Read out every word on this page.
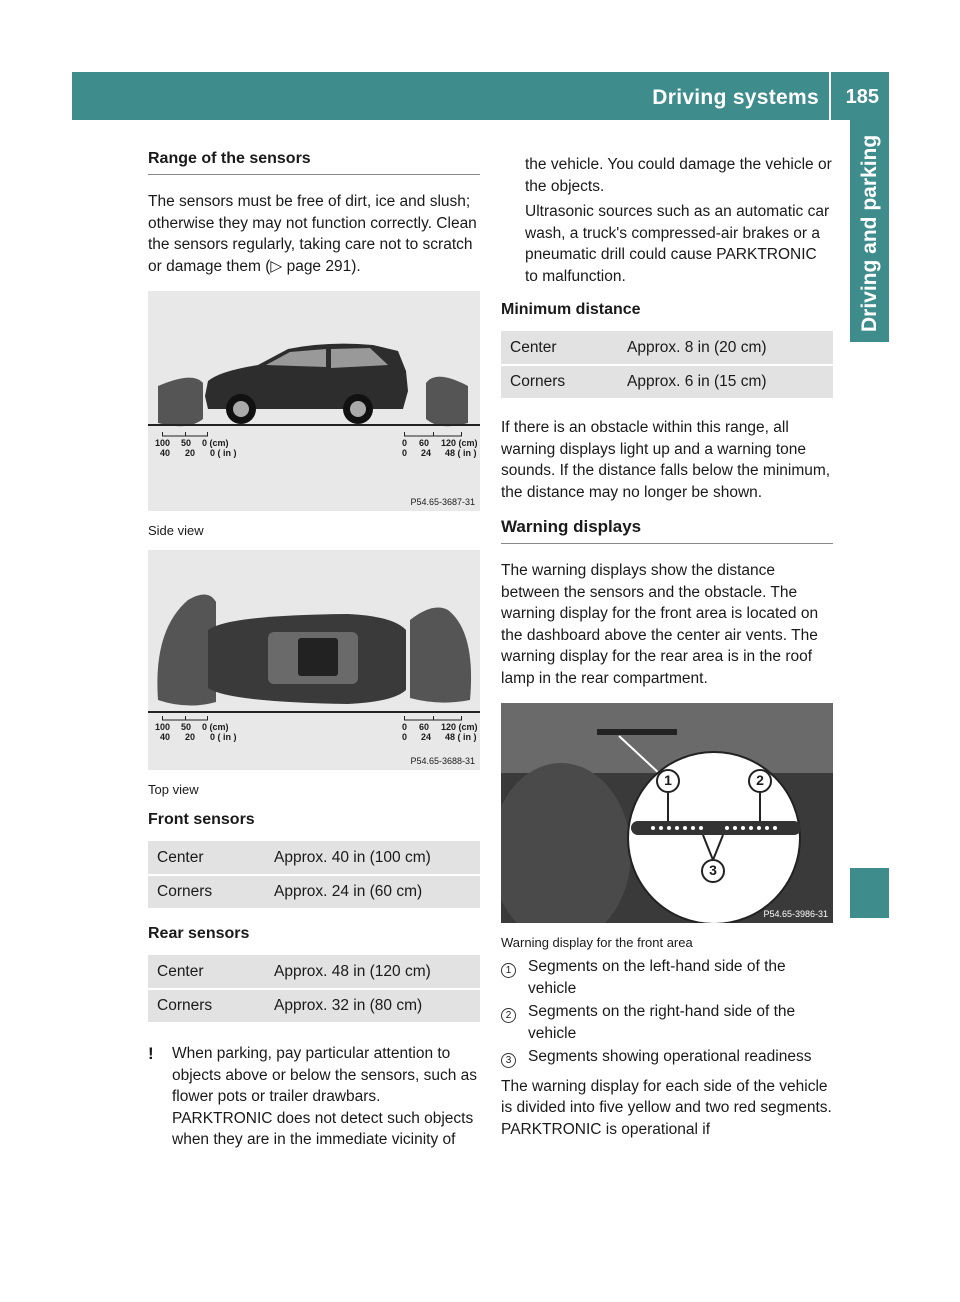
Driving systems 185
Driving and parking
Range of the sensors

The sensors must be free of dirt, ice and slush; otherwise they may not function correctly. Clean the sensors regularly, taking care not to scratch or damage them (▷ page 291).

100 50 0 (cm)
40 20 0 ( in )
0 60 120 (cm)
0 24 48 ( in )
P54.65-3687-31
Side view
100 50 0 (cm)
40 20 0 ( in )
0 60 120 (cm)
0 24 48 ( in )
P54.65-3688-31
Top view
Front sensors
Center	Approx. 40 in (100 cm)
Corners	Approx. 24 in (60 cm)
Rear sensors
Center	Approx. 48 in (120 cm)
Corners	Approx. 32 in (80 cm)
!	When parking, pay particular attention to objects above or below the sensors, such as flower pots or trailer drawbars. PARKTRONIC does not detect such objects when they are in the immediate vicinity of

the vehicle. You could damage the vehicle or the objects.

Ultrasonic sources such as an automatic car wash, a truck's compressed-air brakes or a pneumatic drill could cause PARKTRONIC to malfunction.

Minimum distance
Center	Approx. 8 in (20 cm)
Corners	Approx. 6 in (15 cm)

If there is an obstacle within this range, all warning displays light up and a warning tone sounds. If the distance falls below the minimum, the distance may no longer be shown.

Warning displays

The warning displays show the distance between the sensors and the obstacle. The warning display for the front area is located on the dashboard above the center air vents. The warning display for the rear area is in the roof lamp in the rear compartment.

1	2
3
P54.65-3986-31
Warning display for the front area
1	Segments on the left-hand side of the vehicle
2	Segments on the right-hand side of the vehicle
3	Segments showing operational readiness

The warning display for each side of the vehicle is divided into five yellow and two red segments. PARKTRONIC is operational if
